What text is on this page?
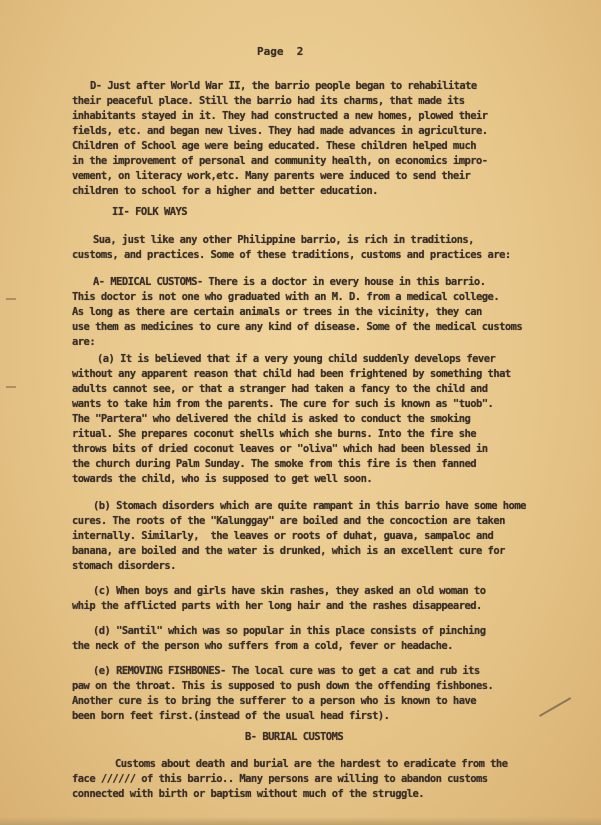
Page  2
D- Just after World War II, the barrio people began to rehabilitate
their peaceful place. Still the barrio had its charms, that made its
inhabitants stayed in it. They had constructed a new homes, plowed their
fields, etc. and began new lives. They had made advances in agriculture.
Children of School age were being educated. These children helped much
in the improvement of personal and community health, on economics impro-
vement, on literacy work,etc. Many parents were induced to send their
children to school for a higher and better education.
II- FOLK WAYS
Sua, just like any other Philippine barrio, is rich in traditions,
customs, and practices. Some of these traditions, customs and practices are:
A- MEDICAL CUSTOMS- There is a doctor in every house in this barrio.
This doctor is not one who graduated with an M. D. from a medical college.
As long as there are certain animals or trees in the vicinity, they can
use them as medicines to cure any kind of disease. Some of the medical customs
are:
(a) It is believed that if a very young child suddenly develops fever
without any apparent reason that child had been frightened by something that
adults cannot see, or that a stranger had taken a fancy to the child and
wants to take him from the parents. The cure for such is known as "tuob".
The "Partera" who delivered the child is asked to conduct the smoking
ritual. She prepares coconut shells which she burns. Into the fire she
throws bits of dried coconut leaves or "oliva" which had been blessed in
the church during Palm Sunday. The smoke from this fire is then fanned
towards the child, who is supposed to get well soon.
(b) Stomach disorders which are quite rampant in this barrio have some home
cures. The roots of the "Kalunggay" are boiled and the concoction are taken
internally. Similarly,  the leaves or roots of duhat, guava, sampaloc and
banana, are boiled and the water is drunked, which is an excellent cure for
stomach disorders.
(c) When boys and girls have skin rashes, they asked an old woman to
whip the afflicted parts with her long hair and the rashes disappeared.
(d) "Santil" which was so popular in this place consists of pinching
the neck of the person who suffers from a cold, fever or headache.
(e) REMOVING FISHBONES- The local cure was to get a cat and rub its
paw on the throat. This is supposed to push down the offending fishbones.
Another cure is to bring the sufferer to a person who is known to have
been born feet first.(instead of the usual head first).
B- BURIAL CUSTOMS
Customs about death and burial are the hardest to eradicate from the
face ////// of this barrio.. Many persons are willing to abandon customs
connected with birth or baptism without much of the struggle.
